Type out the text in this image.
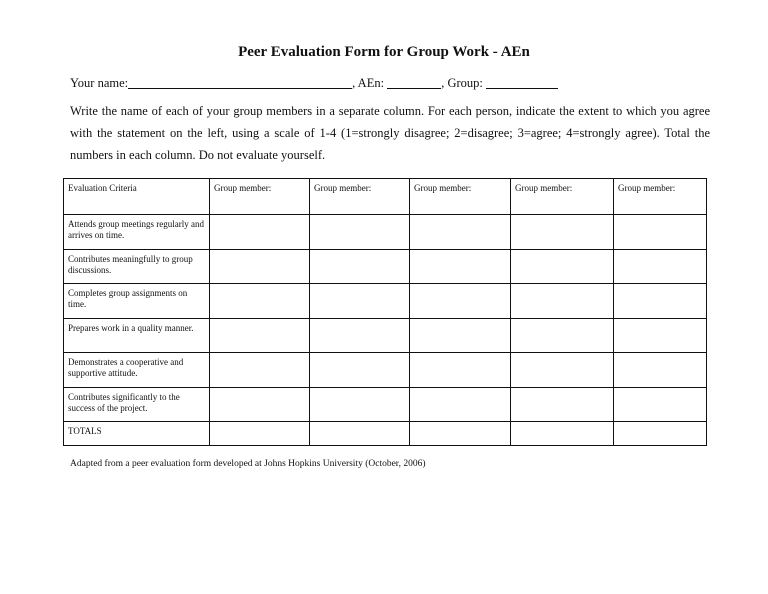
Peer Evaluation Form for Group Work - AEn
Your name:	, AEn:	, Group:
Write the name of each of your group members in a separate column. For each person, indicate the extent to which you agree with the statement on the left, using a scale of 1-4 (1=strongly disagree; 2=disagree; 3=agree; 4=strongly agree). Total the numbers in each column. Do not evaluate yourself.
Evaluation Criteria	Group member:	Group member:	Group member:	Group member:	Group member:
Attends group meetings regularly and arrives on time.					
Contributes meaningfully to group discussions.					
Completes group assignments on time.					
Prepares work in a quality manner.					
Demonstrates a cooperative and supportive attitude.					
Contributes significantly to the success of the project.					
TOTALS					
Adapted from a peer evaluation form developed at Johns Hopkins University (October, 2006)
